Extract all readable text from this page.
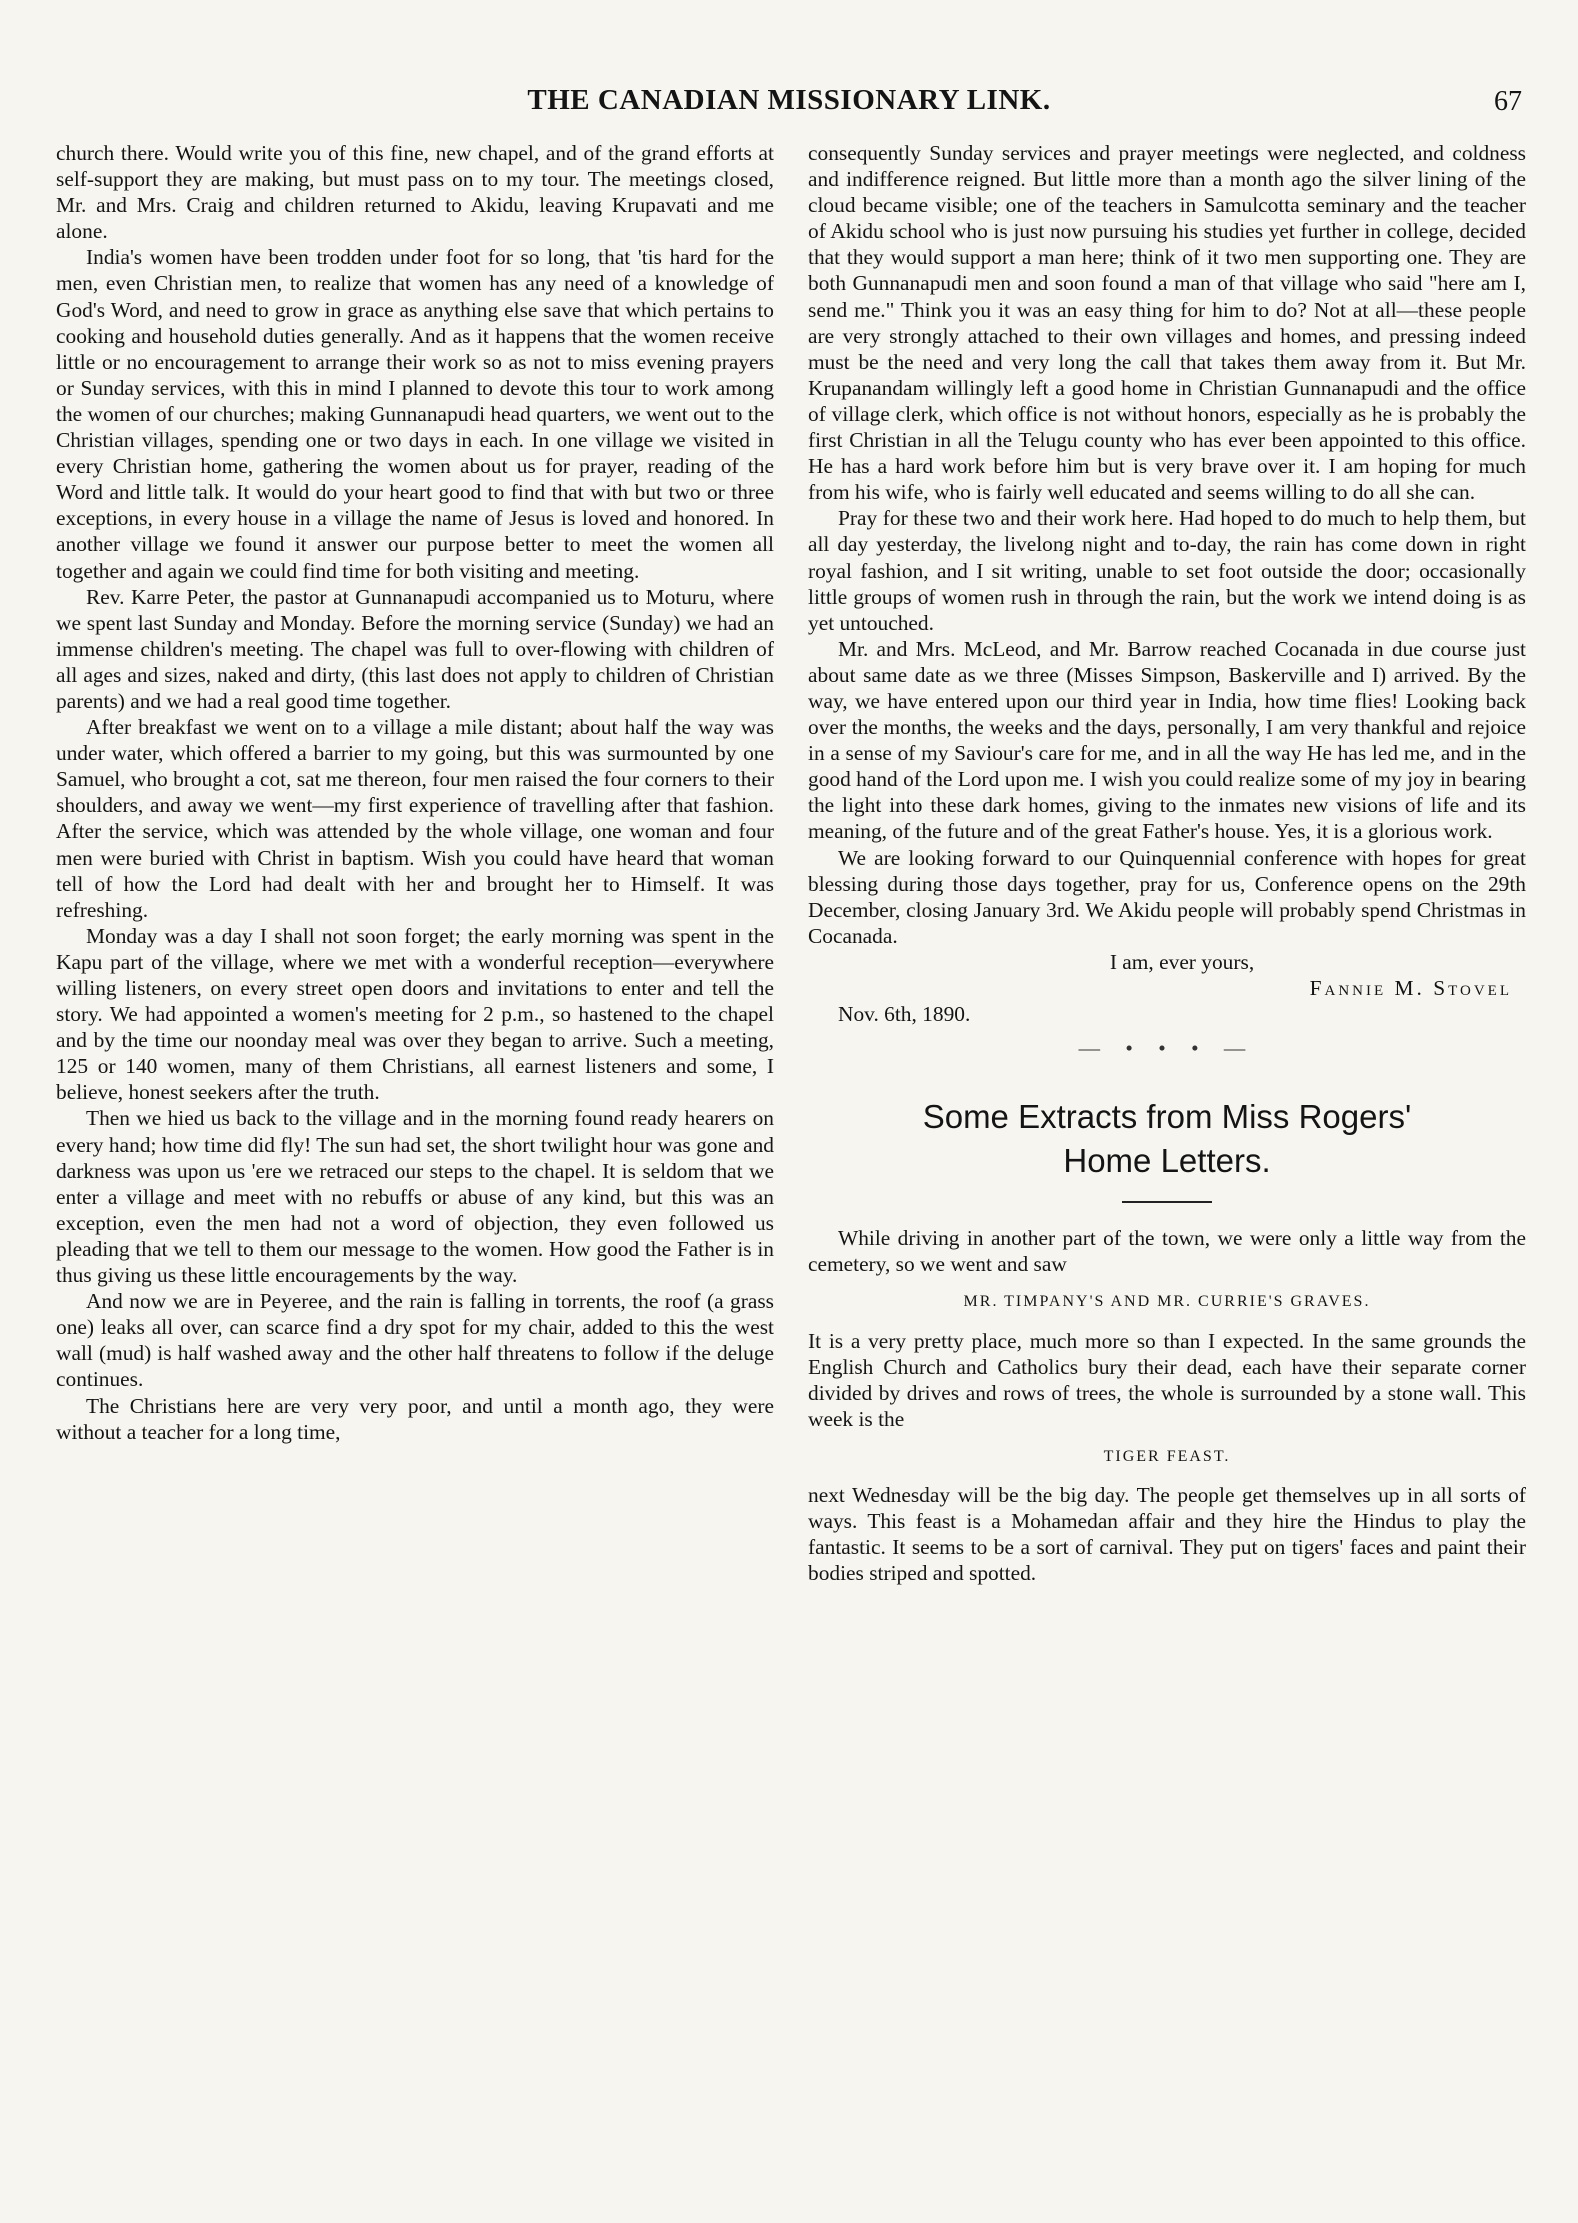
THE CANADIAN MISSIONARY LINK.	67

church there. Would write you of this fine, new chapel, and of the grand efforts at self-support they are making, but must pass on to my tour. The meetings closed, Mr. and Mrs. Craig and children returned to Akidu, leaving Krupavati and me alone.

India's women have been trodden under foot for so long, that 'tis hard for the men, even Christian men, to realize that women has any need of a knowledge of God's Word, and need to grow in grace as anything else save that which pertains to cooking and household duties generally. And as it happens that the women receive little or no encouragement to arrange their work so as not to miss evening prayers or Sunday services, with this in mind I planned to devote this tour to work among the women of our churches; making Gunnanapudi head quarters, we went out to the Christian villages, spending one or two days in each. In one village we visited in every Christian home, gathering the women about us for prayer, reading of the Word and little talk. It would do your heart good to find that with but two or three exceptions, in every house in a village the name of Jesus is loved and honored. In another village we found it answer our purpose better to meet the women all together and again we could find time for both visiting and meeting.

Rev. Karre Peter, the pastor at Gunnanapudi accompanied us to Moturu, where we spent last Sunday and Monday. Before the morning service (Sunday) we had an immense children's meeting. The chapel was full to over-flowing with children of all ages and sizes, naked and dirty, (this last does not apply to children of Christian parents) and we had a real good time together.

After breakfast we went on to a village a mile distant; about half the way was under water, which offered a barrier to my going, but this was surmounted by one Samuel, who brought a cot, sat me thereon, four men raised the four corners to their shoulders, and away we went—my first experience of travelling after that fashion. After the service, which was attended by the whole village, one woman and four men were buried with Christ in baptism. Wish you could have heard that woman tell of how the Lord had dealt with her and brought her to Himself. It was refreshing.

Monday was a day I shall not soon forget; the early morning was spent in the Kapu part of the village, where we met with a wonderful reception—everywhere willing listeners, on every street open doors and invitations to enter and tell the story. We had appointed a women's meeting for 2 p.m., so hastened to the chapel and by the time our noonday meal was over they began to arrive. Such a meeting, 125 or 140 women, many of them Christians, all earnest listeners and some, I believe, honest seekers after the truth.

Then we hied us back to the village and in the morning found ready hearers on every hand; how time did fly! The sun had set, the short twilight hour was gone and darkness was upon us 'ere we retraced our steps to the chapel. It is seldom that we enter a village and meet with no rebuffs or abuse of any kind, but this was an exception, even the men had not a word of objection, they even followed us pleading that we tell to them our message to the women. How good the Father is in thus giving us these little encouragements by the way.

And now we are in Peyeree, and the rain is falling in torrents, the roof (a grass one) leaks all over, can scarce find a dry spot for my chair, added to this the west wall (mud) is half washed away and the other half threatens to follow if the deluge continues.

The Christians here are very very poor, and until a month ago, they were without a teacher for a long time,

consequently Sunday services and prayer meetings were neglected, and coldness and indifference reigned. But little more than a month ago the silver lining of the cloud became visible; one of the teachers in Samulcotta seminary and the teacher of Akidu school who is just now pursuing his studies yet further in college, decided that they would support a man here; think of it two men supporting one. They are both Gunnanapudi men and soon found a man of that village who said "here am I, send me." Think you it was an easy thing for him to do? Not at all—these people are very strongly attached to their own villages and homes, and pressing indeed must be the need and very long the call that takes them away from it. But Mr. Krupanandam willingly left a good home in Christian Gunnanapudi and the office of village clerk, which office is not without honors, especially as he is probably the first Christian in all the Telugu county who has ever been appointed to this office. He has a hard work before him but is very brave over it. I am hoping for much from his wife, who is fairly well educated and seems willing to do all she can.

Pray for these two and their work here. Had hoped to do much to help them, but all day yesterday, the livelong night and to-day, the rain has come down in right royal fashion, and I sit writing, unable to set foot outside the door; occasionally little groups of women rush in through the rain, but the work we intend doing is as yet untouched.

Mr. and Mrs. McLeod, and Mr. Barrow reached Cocanada in due course just about same date as we three (Misses Simpson, Baskerville and I) arrived. By the way, we have entered upon our third year in India, how time flies! Looking back over the months, the weeks and the days, personally, I am very thankful and rejoice in a sense of my Saviour's care for me, and in all the way He has led me, and in the good hand of the Lord upon me. I wish you could realize some of my joy in bearing the light into these dark homes, giving to the inmates new visions of life and its meaning, of the future and of the great Father's house. Yes, it is a glorious work.

We are looking forward to our Quinquennial conference with hopes for great blessing during those days together, pray for us, Conference opens on the 29th December, closing January 3rd. We Akidu people will probably spend Christmas in Cocanada.

I am, ever yours,

Fannie M. Stovel

Nov. 6th, 1890.

— • • • —
Some Extracts from Miss Rogers'
Home Letters.

While driving in another part of the town, we were only a little way from the cemetery, so we went and saw

MR. TIMPANY'S AND MR. CURRIE'S GRAVES.

It is a very pretty place, much more so than I expected. In the same grounds the English Church and Catholics bury their dead, each have their separate corner divided by drives and rows of trees, the whole is surrounded by a stone wall. This week is the

TIGER FEAST.

next Wednesday will be the big day. The people get themselves up in all sorts of ways. This feast is a Mohamedan affair and they hire the Hindus to play the fantastic. It seems to be a sort of carnival. They put on tigers' faces and paint their bodies striped and spotted.
